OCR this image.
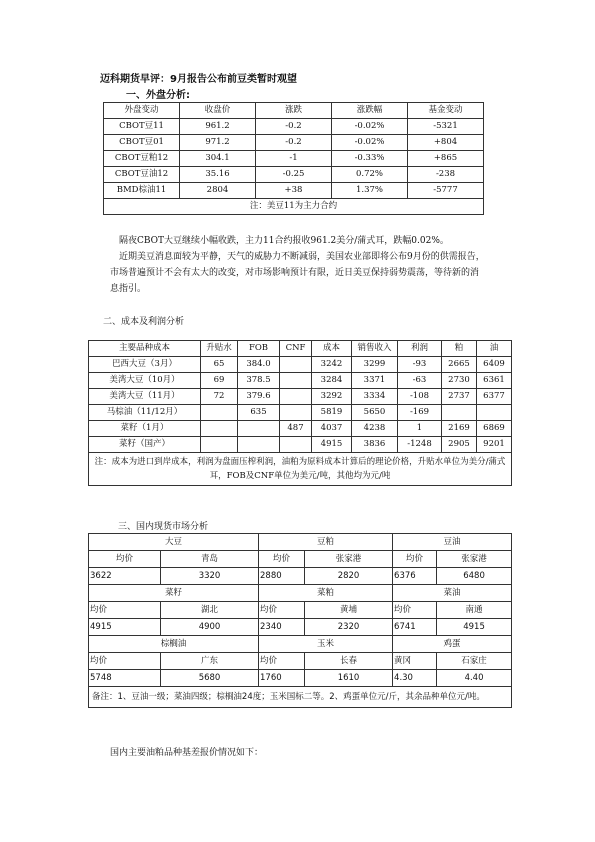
迈科期货早评：9月报告公布前豆类暂时观望
一、外盘分析:
外盘变动	收盘价	涨跌	涨跌幅	基金变动
CBOT豆11	961.2	-0.2	-0.02%	-5321
CBOT豆01	971.2	-0.2	-0.02%	+804
CBOT豆粕12	304.1	-1	-0.33%	+865
CBOT豆油12	35.16	-0.25	0.72%	-238
BMD棕油11	2804	+38	1.37%	-5777
注：美豆11为主力合约				

隔夜CBOT大豆继续小幅收跌，主力11合约报收961.2美分/蒲式耳，跌幅0.02%。

近期美豆消息面较为平静，天气的威胁力不断减弱，美国农业部即将公布9月份的供需报告，市场普遍预计不会有太大的改变，对市场影响预计有限，近日美豆保持弱势震荡，等待新的消息指引。

二、成本及利润分析
主要品种成本	升贴水	FOB	CNF	成本	销售收入	利润	粕	油
巴西大豆（3月）	65	384.0		3242	3299	-93	2665	6409
美湾大豆（10月）	69	378.5		3284	3371	-63	2730	6361
美湾大豆（11月）	72	379.6		3292	3334	-108	2737	6377
马棕油（11/12月）		635		5819	5650	-169		
菜籽（1月）			487	4037	4238	1	2169	6869
菜籽（国产）				4915	3836	-1248	2905	9201
注：成本为进口到岸成本，利润为盘面压榨利润，油粕为原料成本计算后的理论价格，升贴水单位为美分/蒲式耳，FOB及CNF单位为美元/吨，其他均为元/吨								
三、国内现货市场分析
大豆		豆粕		豆油	
均价	青岛	均价	张家港	均价	张家港
3622	3320	2880	2820	6376	6480
菜籽		菜粕		菜油	
均价	湖北	均价	黄埔	均价	南通
4915	4900	2340	2320	6741	4915
棕榈油		玉米		鸡蛋	
均价	广东	均价	长春	黄冈	石家庄
5748	5680	1760	1610	4.30	4.40
备注：1、豆油一级；菜油四级；棕榈油24度；玉米国标二等。2、鸡蛋单位元/斤，其余品种单位元/吨。					
国内主要油粕品种基差报价情况如下：
